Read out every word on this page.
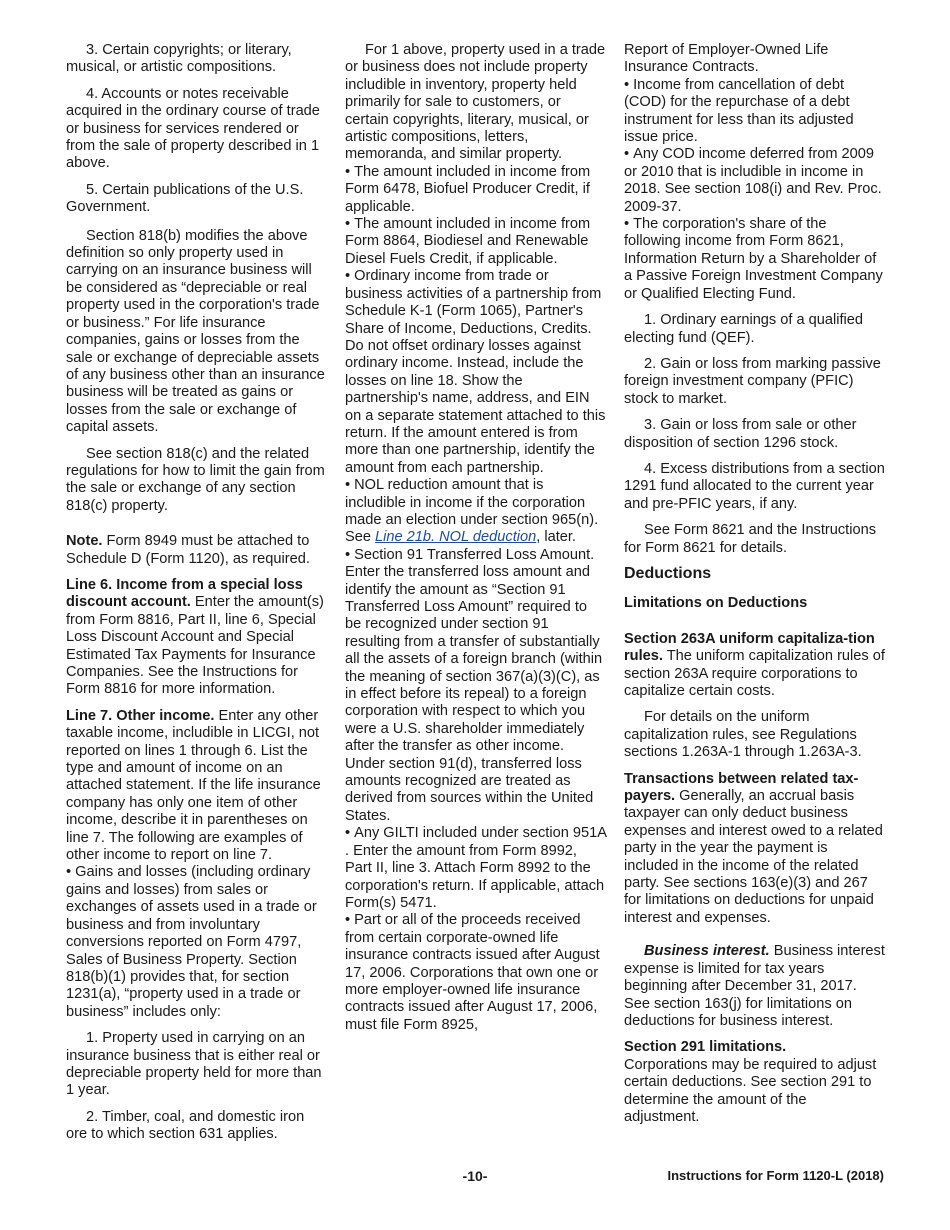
3. Certain copyrights; or literary, musical, or artistic compositions.

4. Accounts or notes receivable acquired in the ordinary course of trade or business for services rendered or from the sale of property described in 1 above.

5. Certain publications of the U.S. Government.

Section 818(b) modifies the above definition so only property used in carrying on an insurance business will be considered as “depreciable or real property used in the corporation's trade or business.” For life insurance companies, gains or losses from the sale or exchange of depreciable assets of any business other than an insurance business will be treated as gains or losses from the sale or exchange of capital assets.

See section 818(c) and the related regulations for how to limit the gain from the sale or exchange of any section 818(c) property.

Note. Form 8949 must be attached to Schedule D (Form 1120), as required.

Line 6. Income from a special loss discount account. Enter the amount(s) from Form 8816, Part II, line 6, Special Loss Discount Account and Special Estimated Tax Payments for Insurance Companies. See the Instructions for Form 8816 for more information.

Line 7. Other income. Enter any other taxable income, includible in LICGI, not reported on lines 1 through 6. List the type and amount of income on an attached statement. If the life insurance company has only one item of other income, describe it in parentheses on line 7. The following are examples of other income to report on line 7.

• Gains and losses (including ordinary gains and losses) from sales or exchanges of assets used in a trade or business and from involuntary conversions reported on Form 4797, Sales of Business Property. Section 818(b)(1) provides that, for section 1231(a), “property used in a trade or business” includes only:

1. Property used in carrying on an insurance business that is either real or depreciable property held for more than 1 year.

2. Timber, coal, and domestic iron ore to which section 631 applies.

For 1 above, property used in a trade or business does not include property includible in inventory, property held primarily for sale to customers, or certain copyrights, literary, musical, or artistic compositions, letters, memoranda, and similar property.

• The amount included in income from Form 6478, Biofuel Producer Credit, if applicable.

• The amount included in income from Form 8864, Biodiesel and Renewable Diesel Fuels Credit, if applicable.

• Ordinary income from trade or business activities of a partnership from Schedule K-1 (Form 1065), Partner's Share of Income, Deductions, Credits. Do not offset ordinary losses against ordinary income. Instead, include the losses on line 18. Show the partnership's name, address, and EIN on a separate statement attached to this return. If the amount entered is from more than one partnership, identify the amount from each partnership.

• NOL reduction amount that is includible in income if the corporation made an election under section 965(n). See Line 21b. NOL deduction, later.

• Section 91 Transferred Loss Amount. Enter the transferred loss amount and identify the amount as “Section 91 Transferred Loss Amount” required to be recognized under section 91 resulting from a transfer of substantially all the assets of a foreign branch (within the meaning of section 367(a)(3)(C), as in effect before its repeal) to a foreign corporation with respect to which you were a U.S. shareholder immediately after the transfer as other income. Under section 91(d), transferred loss amounts recognized are treated as derived from sources within the United States.

• Any GILTI included under section 951A . Enter the amount from Form 8992, Part II, line 3. Attach Form 8992 to the corporation's return. If applicable, attach Form(s) 5471.

• Part or all of the proceeds received from certain corporate-owned life insurance contracts issued after August 17, 2006. Corporations that own one or more employer-owned life insurance contracts issued after August 17, 2006, must file Form 8925,

Report of Employer-Owned Life Insurance Contracts.

• Income from cancellation of debt (COD) for the repurchase of a debt instrument for less than its adjusted issue price.

• Any COD income deferred from 2009 or 2010 that is includible in income in 2018. See section 108(i) and Rev. Proc. 2009-37.

• The corporation's share of the following income from Form 8621, Information Return by a Shareholder of a Passive Foreign Investment Company or Qualified Electing Fund.

1. Ordinary earnings of a qualified electing fund (QEF).

2. Gain or loss from marking passive foreign investment company (PFIC) stock to market.

3. Gain or loss from sale or other disposition of section 1296 stock.

4. Excess distributions from a section 1291 fund allocated to the current year and pre-PFIC years, if any.

See Form 8621 and the Instructions for Form 8621 for details.

Deductions

Limitations on Deductions

Section 263A uniform capitaliza-tion rules. The uniform capitalization rules of section 263A require corporations to capitalize certain costs.

For details on the uniform capitalization rules, see Regulations sections 1.263A-1 through 1.263A-3.

Transactions between related tax-payers. Generally, an accrual basis taxpayer can only deduct business expenses and interest owed to a related party in the year the payment is included in the income of the related party. See sections 163(e)(3) and 267 for limitations on deductions for unpaid interest and expenses.

Business interest. Business interest expense is limited for tax years beginning after December 31, 2017. See section 163(j) for limitations on deductions for business interest.

Section 291 limitations.

Corporations may be required to adjust certain deductions. See section 291 to determine the amount of the adjustment.

-10-	Instructions for Form 1120-L (2018)
